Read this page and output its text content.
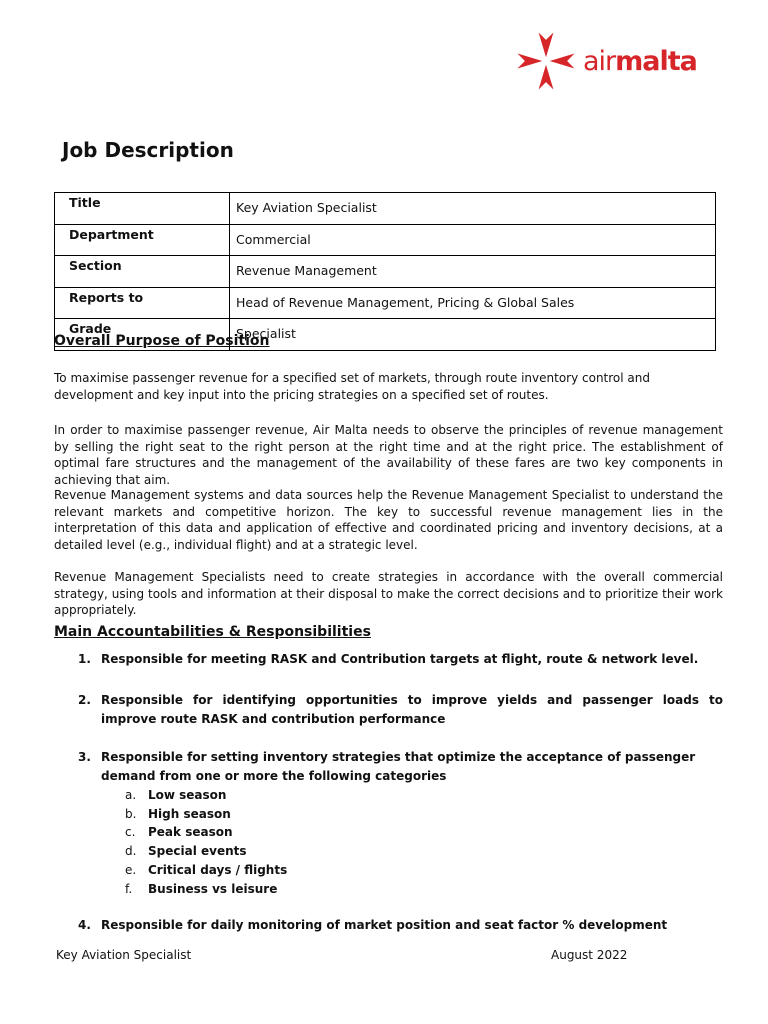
airmalta
Job Description
Title	Key Aviation Specialist
Department	Commercial
Section	Revenue Management
Reports to	Head of Revenue Management, Pricing & Global Sales
Grade	Specialist
Overall Purpose of Position

To maximise passenger revenue for a specified set of markets, through route inventory control and development and key input into the pricing strategies on a specified set of routes.

In order to maximise passenger revenue, Air Malta needs to observe the principles of revenue management by selling the right seat to the right person at the right time and at the right price. The establishment of optimal fare structures and the management of the availability of these fares are two key components in achieving that aim.

Revenue Management systems and data sources help the Revenue Management Specialist to understand the relevant markets and competitive horizon. The key to successful revenue management lies in the interpretation of this data and application of effective and coordinated pricing and inventory decisions, at a detailed level (e.g., individual flight) and at a strategic level.

Revenue Management Specialists need to create strategies in accordance with the overall commercial strategy, using tools and information at their disposal to make the correct decisions and to prioritize their work appropriately.

Main Accountabilities & Responsibilities
1. Responsible for meeting RASK and Contribution targets at flight, route & network level.
2. Responsible for identifying opportunities to improve yields and passenger loads to improve route RASK and contribution performance
3. Responsible for setting inventory strategies that optimize the acceptance of passenger demand from one or more the following categories
a. Low season
b. High season
c. Peak season
d. Special events
e. Critical days / flights
f. Business vs leisure
4. Responsible for daily monitoring of market position and seat factor % development

Key Aviation Specialist	August 2022
